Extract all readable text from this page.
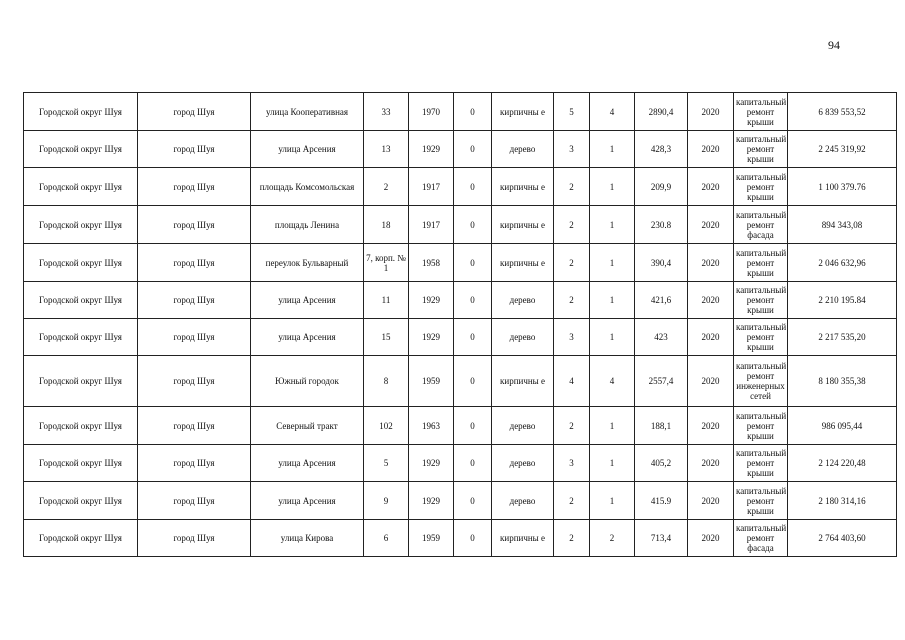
94
Городской округ Шуя	город Шуя	улица Кооперативная	33	1970	0	кирпичны е	5	4	2890,4	2020	капитальный ремонт крыши	6 839 553,52
Городской округ Шуя	город Шуя	улица Арсения	13	1929	0	дерево	3	1	428,3	2020	капитальный ремонт крыши	2 245 319,92
Городской округ Шуя	город Шуя	площадь Комсомольская	2	1917	0	кирпичны е	2	1	209,9	2020	капитальный ремонт крыши	1 100 379.76
Городской округ Шуя	город Шуя	площадь Ленина	18	1917	0	кирпичны е	2	1	230.8	2020	капитальный ремонт фасада	894 343,08
Городской округ Шуя	город Шуя	переулок Бульварный	7, корп. № 1	1958	0	кирпичны е	2	1	390,4	2020	капитальный ремонт крыши	2 046 632,96
Городской округ Шуя	город Шуя	улица Арсения	11	1929	0	дерево	2	1	421,6	2020	капитальный ремонт крыши	2 210 195.84
Городской округ Шуя	город Шуя	улица Арсения	15	1929	0	дерево	3	1	423	2020	капитальный ремонт крыши	2 217 535,20
Городской округ Шуя	город Шуя	Южный городок	8	1959	0	кирпичны е	4	4	2557,4	2020	капитальный ремонт инженерных сетей	8 180 355,38
Городской округ Шуя	город Шуя	Северный тракт	102	1963	0	дерево	2	1	188,1	2020	капитальный ремонт крыши	986 095,44
Городской округ Шуя	город Шуя	улица Арсения	5	1929	0	дерево	3	1	405,2	2020	капитальный ремонт крыши	2 124 220,48
Городской округ Шуя	город Шуя	улица Арсения	9	1929	0	дерево	2	1	415.9	2020	капитальный ремонт крыши	2 180 314,16
Городской округ Шуя	город Шуя	улица Кирова	6	1959	0	кирпичны е	2	2	713,4	2020	капитальный ремонт фасада	2 764 403,60
